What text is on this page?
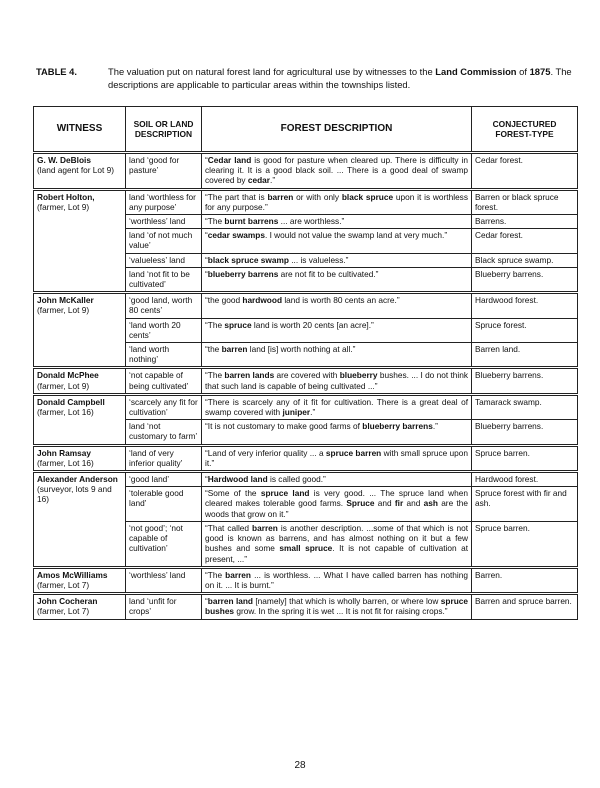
TABLE 4.	The valuation put on natural forest land for agricultural use by witnesses to the Land Commission of 1875. The descriptions are applicable to particular areas within the townships listed.
WITNESS	SOIL OR LAND DESCRIPTION	FOREST DESCRIPTION	CONJECTURED FOREST-TYPE

G. W. DeBlois
(land agent for Lot 9)	land ‘good for pasture’	“Cedar land is good for pasture when cleared up. There is difficulty in clearing it. It is a good black soil. ... There is a good deal of swamp covered by cedar.”	Cedar forest.

Robert Holton,
(farmer, Lot 9)	land ‘worthless for any purpose’	“The part that is barren or with only black spruce upon it is worthless for any purpose.”	Barren or black spruce forest.
	‘worthless’ land	“The burnt barrens ... are worthless.”	Barrens.
	land ‘of not much value’	“cedar swamps. I would not value the swamp land at very much.”	Cedar forest.
	‘valueless’ land	“black spruce swamp ... is valueless.”	Black spruce swamp.
	land ‘not fit to be cultivated’	“blueberry barrens are not fit to be cultivated.”	Blueberry barrens.

John McKaller
(farmer, Lot 9)	‘good land, worth 80 cents’	“the good hardwood land is worth 80 cents an acre.”	Hardwood forest.
	‘land worth 20 cents’	“The spruce land is worth 20 cents [an acre].”	Spruce forest.
	‘land worth nothing’	“the barren land [is] worth nothing at all.”	Barren land.

Donald McPhee
(farmer, Lot 9)	‘not capable of being cultivated’	“The barren lands are covered with blueberry bushes. ... I do not think that such land is capable of being cultivated ...”	Blueberry barrens.

Donald Campbell
(farmer, Lot 16)	‘scarcely any fit for cultivation’	“There is scarcely any of it fit for cultivation. There is a great deal of swamp covered with juniper.”	Tamarack swamp.
	land ‘not customary to farm’	“It is not customary to make good farms of blueberry barrens.”	Blueberry barrens.

John Ramsay
(farmer, Lot 16)	‘land of very inferior quality’	“Land of very inferior quality ... a spruce barren with small spruce upon it.”	Spruce barren.

Alexander Anderson
(surveyor, lots 9 and 16)	‘good land’	“Hardwood land is called good.”	Hardwood forest.
	‘tolerable good land’	“Some of the spruce land is very good. ... The spruce land when cleared makes tolerable good farms. Spruce and fir and ash are the woods that grow on it.”	Spruce forest with fir and ash.
	‘not good’; ‘not capable of cultivation’	“That called barren is another description. ...some of that which is not good is known as barrens, and has almost nothing on it but a few bushes and some small spruce. It is not capable of cultivation at present, ...”	Spruce barren.

Amos McWilliams
(farmer, Lot 7)	‘worthless’ land	“The barren ... is worthless. ... What I have called barren has nothing on it. ... It is burnt.”	Barren.

John Cocheran
(farmer, Lot 7)	land ‘unfit for crops’	“barren land [namely] that which is wholly barren, or where low spruce bushes grow. In the spring it is wet ... It is not fit for raising crops.”	Barren and spruce barren.
28
